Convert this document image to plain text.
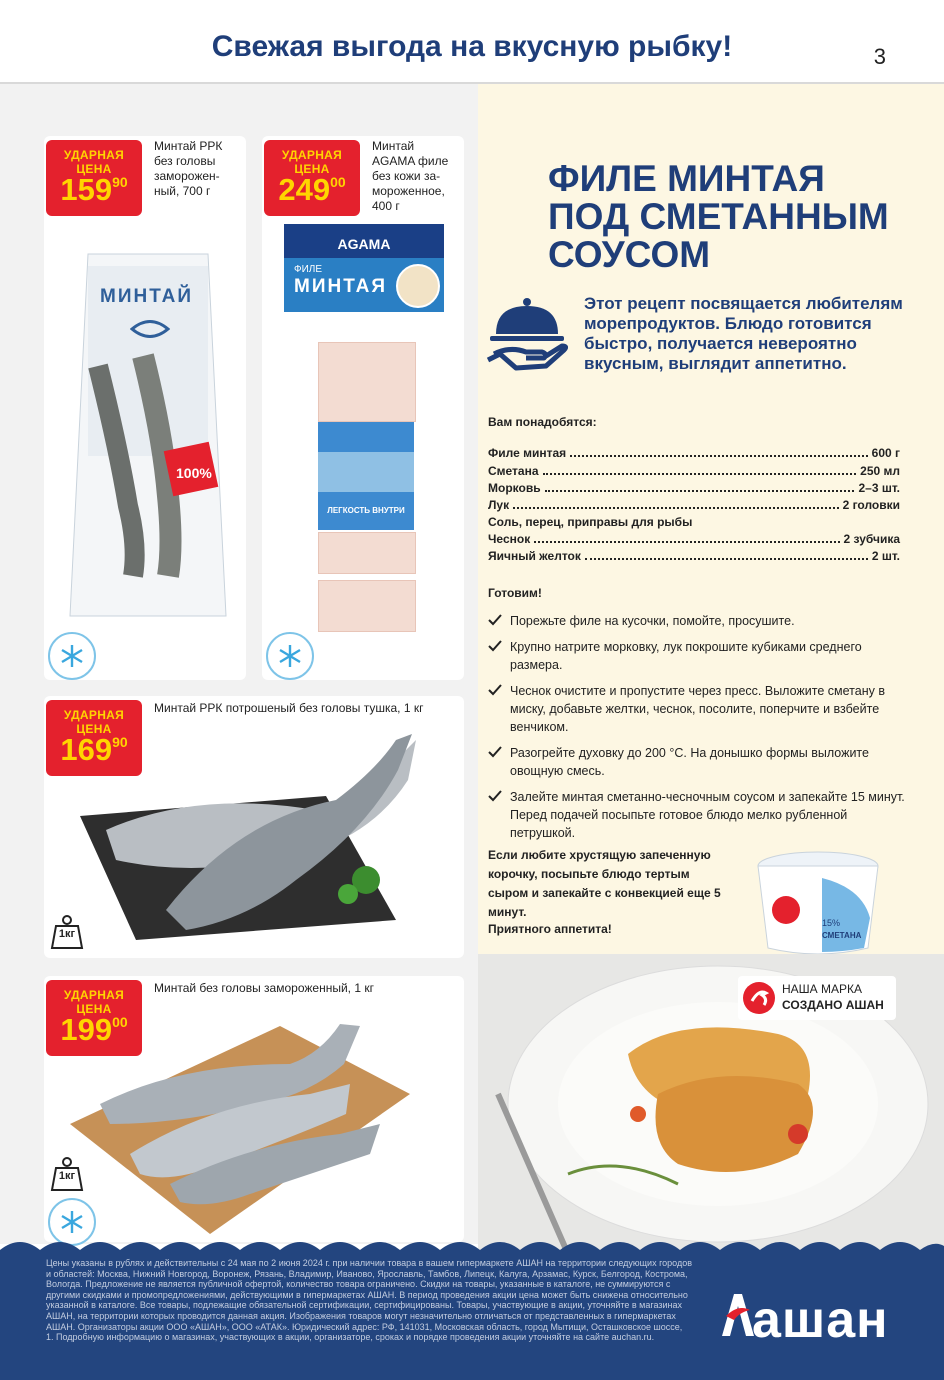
Свежая выгода на вкусную рыбку!	3
100%
МИНТАЙ
УДАРНАЯ ЦЕНА
$159^{90}$
Минтай РРК без головы заморожен-ный, 700 г
AGAMA
ФИЛЕ
МИНТАЯ
ЛЕГКОСТЬ ВНУТРИ
УДАРНАЯ ЦЕНА
$249^{00}$
Минтай AGAMA филе без кожи за-мороженное, 400 г
УДАРНАЯ ЦЕНА
$169^{90}$
Минтай РРК потрошеный без головы тушка, 1 кг
1кг
УДАРНАЯ ЦЕНА
$199^{00}$
Минтай без головы замороженный, 1 кг
1кг
ФИЛЕ МИНТАЯ
ПОД СМЕТАННЫМ
СОУСОМ
Этот рецепт посвящается любителям морепродуктов. Блюдо готовится быстро, получается невероятно вкусным, выглядит аппетитно.
Вам понадобятся:
Филе минтая	600 г
Сметана	250 мл
Морковь	2–3 шт.
Лук	2 головки
Соль, перец, приправы для рыбы
Чеснок	2 зубчика
Яичный желток	2 шт.
Готовим!
Порежьте филе на кусочки, помойте, просушите.
Крупно натрите морковку, лук покрошите кубиками среднего размера.
Чеснок очистите и пропустите через пресс. Выложите сметану в миску, добавьте желтки, чеснок, посолите, поперчите и взбейте венчиком.
Разогрейте духовку до 200 °С. На донышко формы выложите овощную смесь.
Залейте минтая сметанно-чесночным соусом и запекайте 15 минут. Перед подачей посыпьте готовое блюдо мелко рубленной петрушкой.
Если любите хрустящую запеченную корочку, посыпьте блюдо тертым сыром и запекайте с конвекцией еще 5 минут.
Приятного аппетита!	15%
СМЕТАНА
НАША МАРКА
СОЗДАНО АШАН
Цены указаны в рублях и действительны с 24 мая по 2 июня 2024 г. при наличии товара в вашем гипермаркете АШАН на территории следующих городов и областей: Москва, Нижний Новгород, Воронеж, Рязань, Владимир, Иваново, Ярославль, Тамбов, Липецк, Калуга, Арзамас, Курск, Белгород, Кострома, Вологда. Предложение не является публичной офертой, количество товара ограничено. Скидки на товары, указанные в каталоге, не суммируются с другими скидками и промопредложениями, действующими в гипермаркетах АШАН. В период проведения акции цена может быть снижена относительно указанной в каталоге. Все товары, подлежащие обязательной сертификации, сертифицированы. Товары, участвующие в акции, уточняйте в магазинах АШАН, на территории которых проводится данная акция. Изображения товаров могут незначительно отличаться от представленных в гипермаркетах АШАН. Организаторы акции ООО «АШАН», ООО «АТАК». Юридический адрес: РФ, 141031, Московская область, город Мытищи, Осташковское шоссе, 1. Подробную информацию о магазинах, участвующих в акции, организаторе, сроках и порядке проведения акции уточняйте на сайте auchan.ru.	ашан
